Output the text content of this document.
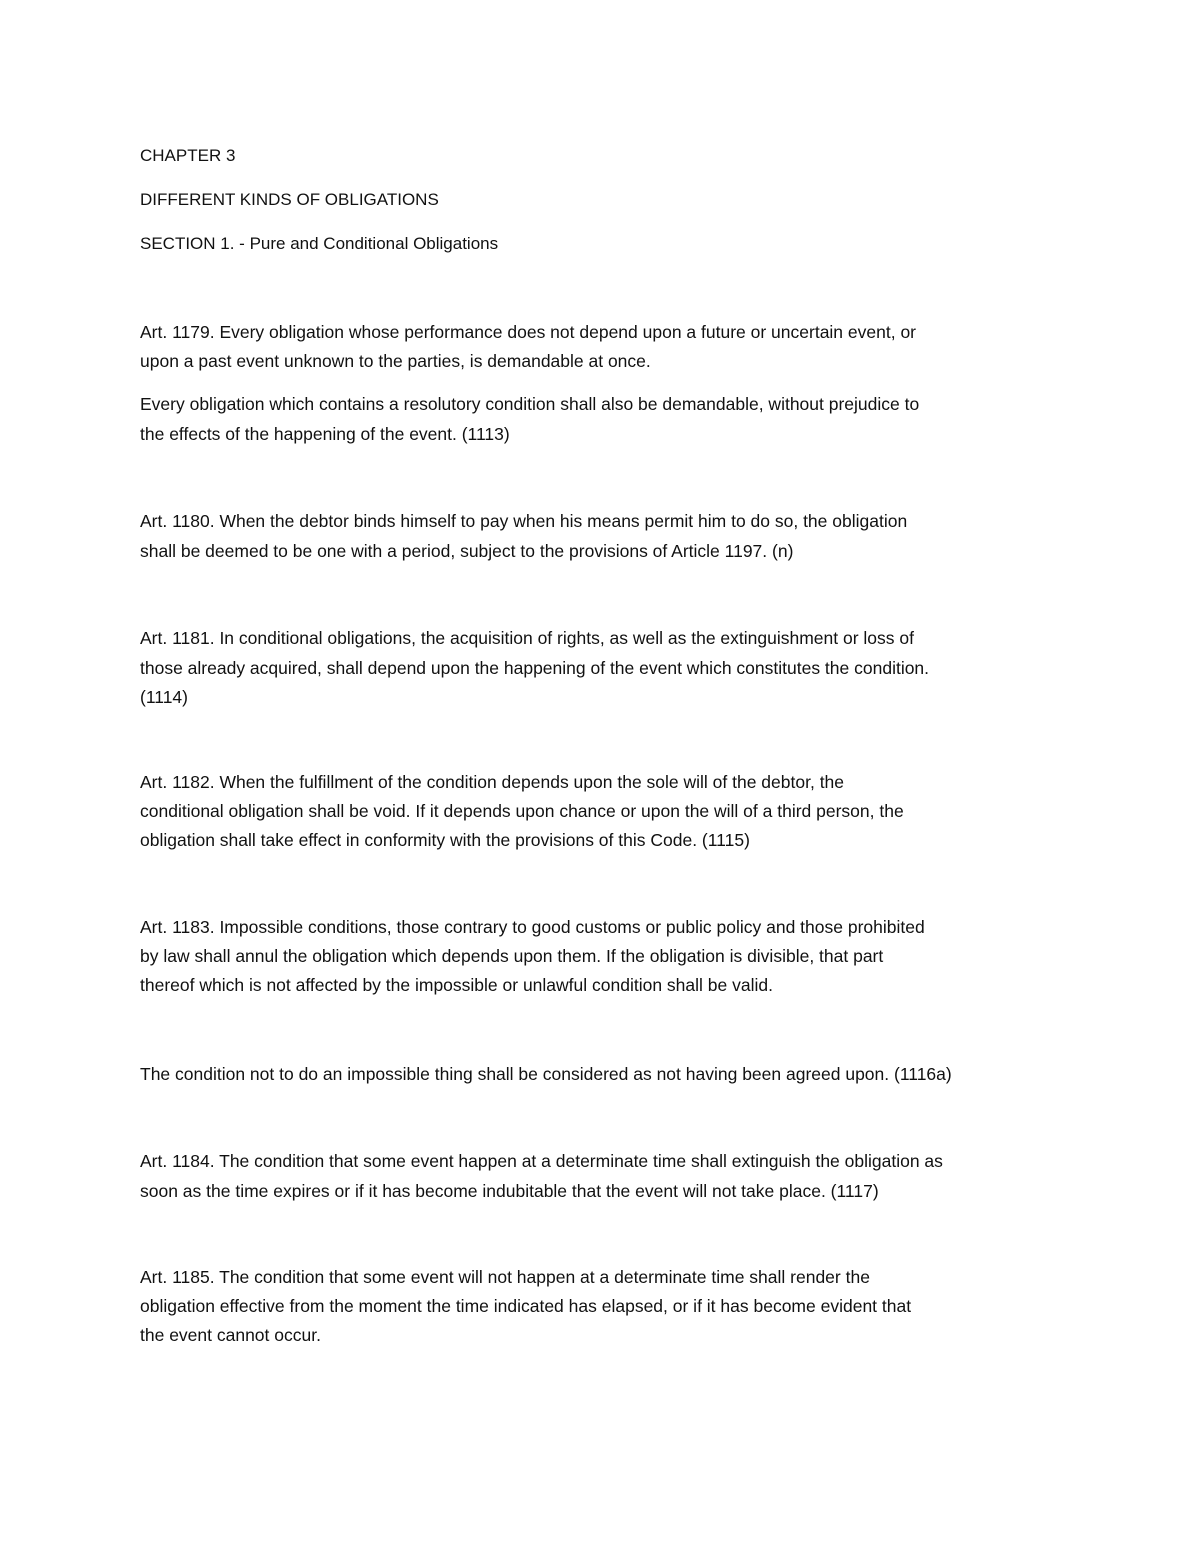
CHAPTER 3

DIFFERENT KINDS OF OBLIGATIONS

SECTION 1. - Pure and Conditional Obligations

Art. 1179. Every obligation whose performance does not depend upon a future or uncertain event, or

upon a past event unknown to the parties, is demandable at once.

Every obligation which contains a resolutory condition shall also be demandable, without prejudice to

the effects of the happening of the event. (1113)

Art. 1180. When the debtor binds himself to pay when his means permit him to do so, the obligation

shall be deemed to be one with a period, subject to the provisions of Article 1197. (n)

Art. 1181. In conditional obligations, the acquisition of rights, as well as the extinguishment or loss of

those already acquired, shall depend upon the happening of the event which constitutes the condition.

(1114)

Art. 1182. When the fulfillment of the condition depends upon the sole will of the debtor, the

conditional obligation shall be void. If it depends upon chance or upon the will of a third person, the

obligation shall take effect in conformity with the provisions of this Code. (1115)

Art. 1183. Impossible conditions, those contrary to good customs or public policy and those prohibited

by law shall annul the obligation which depends upon them. If the obligation is divisible, that part

thereof which is not affected by the impossible or unlawful condition shall be valid.

The condition not to do an impossible thing shall be considered as not having been agreed upon. (1116a)

Art. 1184. The condition that some event happen at a determinate time shall extinguish the obligation as

soon as the time expires or if it has become indubitable that the event will not take place. (1117)

Art. 1185. The condition that some event will not happen at a determinate time shall render the

obligation effective from the moment the time indicated has elapsed, or if it has become evident that

the event cannot occur.
